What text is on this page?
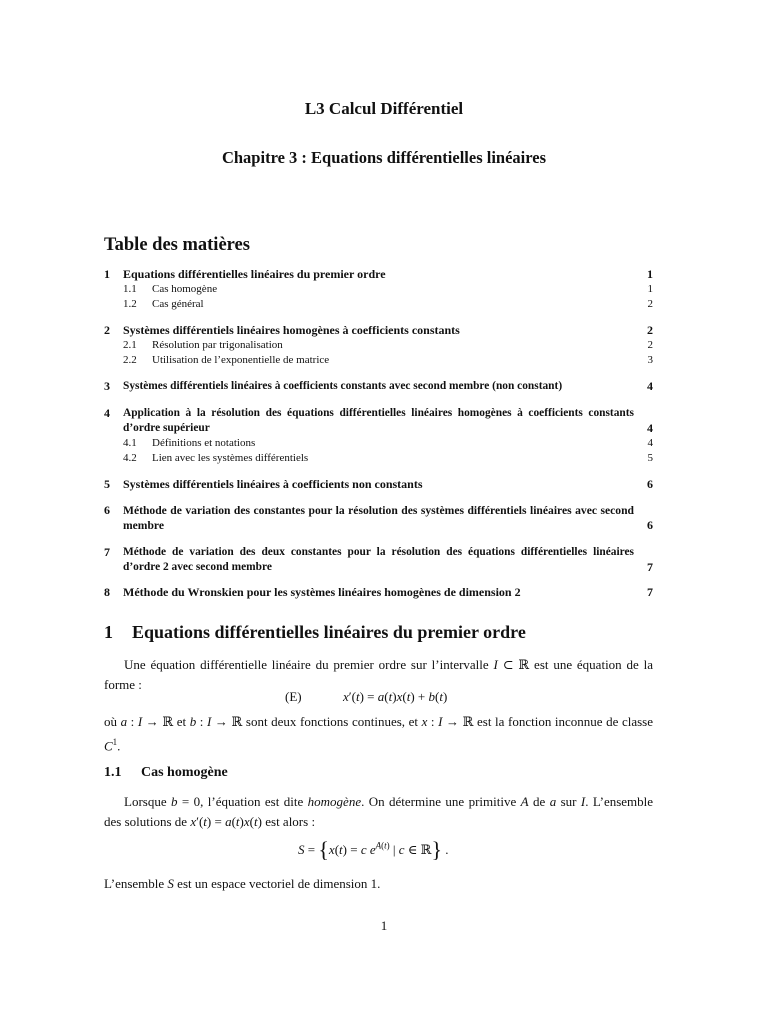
L3 Calcul Différentiel
Chapitre 3 : Equations différentielles linéaires
Table des matières
1 Equations différentielles linéaires du premier ordre	1
1.1 Cas homogène	1
1.2 Cas général	2
2 Systèmes différentiels linéaires homogènes à coefficients constants	2
2.1 Résolution par trigonalisation	2
2.2 Utilisation de l’exponentielle de matrice	3
3 Systèmes différentiels linéaires à coefficients constants avec second membre (non constant)	4
4 Application à la résolution des équations différentielles linéaires homogènes à coefficients constants d’ordre supérieur	4
4.1 Définitions et notations	4
4.2 Lien avec les systèmes différentiels	5
5 Systèmes différentiels linéaires à coefficients non constants	6
6 Méthode de variation des constantes pour la résolution des systèmes différentiels linéaires avec second membre	6
7 Méthode de variation des deux constantes pour la résolution des équations différentielles linéaires d’ordre 2 avec second membre	7
8 Méthode du Wronskien pour les systèmes linéaires homogènes de dimension 2	7
1 Equations différentielles linéaires du premier ordre
Une équation différentielle linéaire du premier ordre sur l’intervalle I ⊂ ℝ est une équation de la forme :
(E)	x′(t) = a(t)x(t) + b(t)
où a : I → ℝ et b : I → ℝ sont deux fonctions continues, et x : I → ℝ est la fonction inconnue de classe $C^1$.
1.1 Cas homogène
Lorsque b = 0, l’équation est dite homogène. On détermine une primitive A de a sur I. L’ensemble des solutions de x′(t) = a(t)x(t) est alors :
S = {x(t) = c $e^{A(t)}$ | c ∈ ℝ} .
L’ensemble S est un espace vectoriel de dimension 1.
1
